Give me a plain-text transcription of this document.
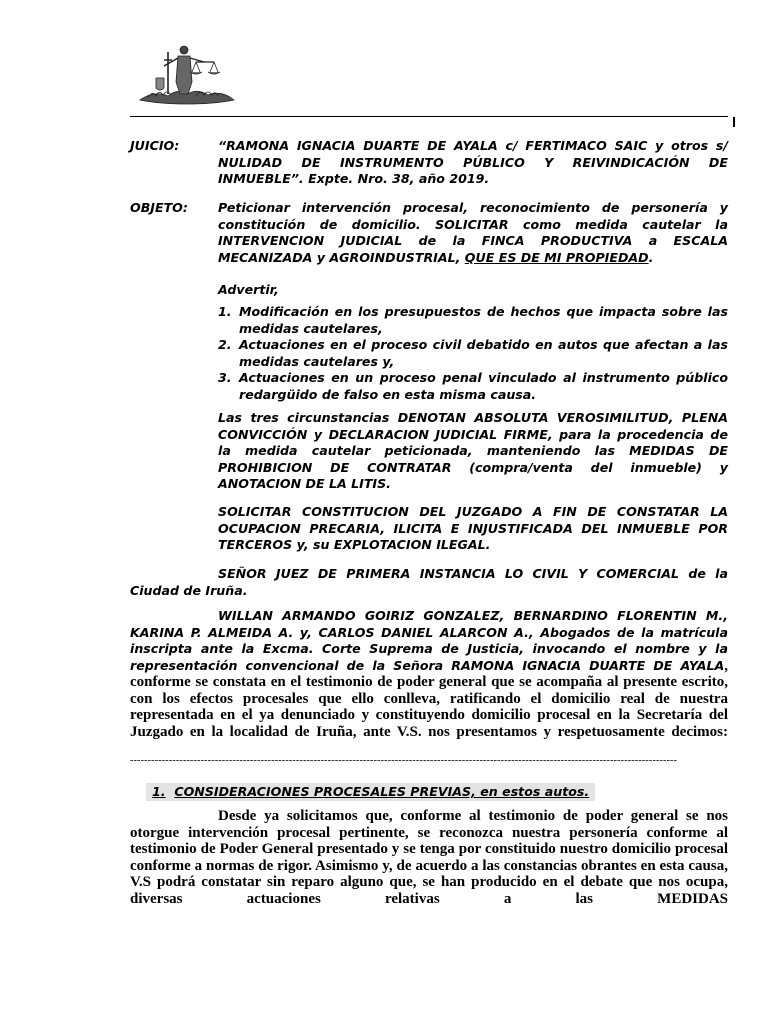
JUICIO:	“RAMONA IGNACIA DUARTE DE AYALA c/ FERTIMACO SAIC y otros s/ NULIDAD DE INSTRUMENTO PÚBLICO Y REIVINDICACIÓN DE INMUEBLE”. Expte. Nro. 38, año 2019.
OBJETO: Peticionar intervención procesal, reconocimiento de personería y constitución de domicilio. SOLICITAR como medida cautelar la INTERVENCION JUDICIAL de la FINCA PRODUCTIVA a ESCALA MECANIZADA y AGROINDUSTRIAL, QUE ES DE MI PROPIEDAD.
Advertir,
1. Modificación en los presupuestos de hechos que impacta sobre las medidas cautelares,
2. Actuaciones en el proceso civil debatido en autos que afectan a las medidas cautelares y,
3. Actuaciones en un proceso penal vinculado al instrumento público redargüido de falso en esta misma causa.
Las tres circunstancias DENOTAN ABSOLUTA VEROSIMILITUD, PLENA CONVICCIÓN y DECLARACION JUDICIAL FIRME, para la procedencia de la medida cautelar peticionada, manteniendo las MEDIDAS DE PROHIBICION DE CONTRATAR (compra/venta del inmueble) y ANOTACION DE LA LITIS.
SOLICITAR CONSTITUCION DEL JUZGADO A FIN DE CONSTATAR LA OCUPACION PRECARIA, ILICITA E INJUSTIFICADA DEL INMUEBLE POR TERCEROS y, su EXPLOTACION ILEGAL.
SEÑOR JUEZ DE PRIMERA INSTANCIA LO CIVIL Y COMERCIAL de la Ciudad de Iruña.
WILLAN ARMANDO GOIRIZ GONZALEZ, BERNARDINO FLORENTIN M., KARINA P. ALMEIDA A. y, CARLOS DANIEL ALARCON A., Abogados de la matrícula inscripta ante la Excma. Corte Suprema de Justicia, invocando el nombre y la representación convencional de la Señora RAMONA IGNACIA DUARTE DE AYALA, conforme se constata en el testimonio de poder general que se acompaña al presente escrito, con los efectos procesales que ello conlleva, ratificando el domicilio real de nuestra representada en el ya denunciado y constituyendo domicilio procesal en la Secretaría del Juzgado en la localidad de Iruña, ante V.S. nos presentamos y respetuosamente decimos:
-----------------------------------------------------------------------------------------------------------------------------------------------------------
1. CONSIDERACIONES PROCESALES PREVIAS, en estos autos.
Desde ya solicitamos que, conforme al testimonio de poder general se nos otorgue intervención procesal pertinente, se reconozca nuestra personería conforme al testimonio de Poder General presentado y se tenga por constituido nuestro domicilio procesal conforme a normas de rigor. Asimismo y, de acuerdo a las constancias obrantes en esta causa, V.S podrá constatar sin reparo alguno que, se han producido en el debate que nos ocupa, diversas actuaciones relativas a las MEDIDAS
